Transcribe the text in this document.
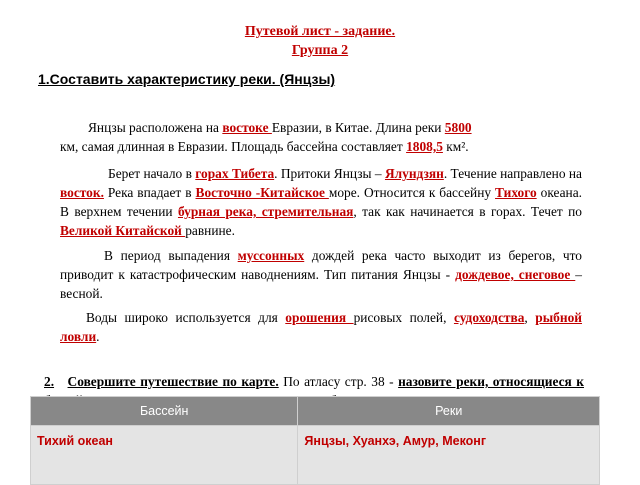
Путевой лист - задание.
Группа 2
1.Составить характеристику реки. (Янцзы)
Янцзы расположена на востоке Евразии, в Китае. Длина реки 5800
км, самая длинная в Евразии. Площадь бассейна составляет 1808,5 км².
Берет начало в горах Тибета. Притоки Янцзы – Ялундзян. Течение направлено на восток. Река впадает в Восточно -Китайское море. Относится к бассейну Тихого океана. В верхнем течении бурная река, стремительная, так как начинается в горах. Течет по Великой Китайской равнине.
В период выпадения муссонных дождей река часто выходит из берегов, что приводит к катастрофическим наводнениям. Тип питания Янцзы - дождевое, снеговое – весной.
Воды широко используется для орошения рисовых полей, судоходства, рыбной ловли.
2. Совершите путешествие по карте. По атласу стр. 38 - назовите реки, относящиеся к
Бассейн	Реки
Тихий океан	Янцзы, Хуанхэ, Амур, Меконг
